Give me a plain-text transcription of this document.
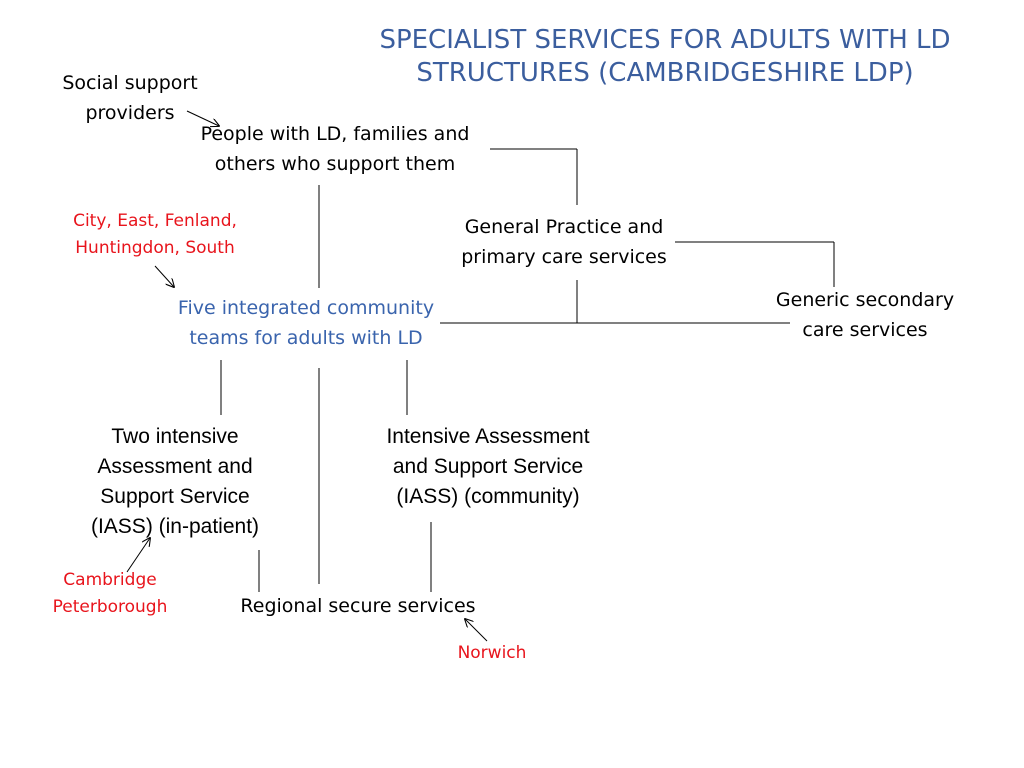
SPECIALIST SERVICES FOR ADULTS WITH LD
STRUCTURES (CAMBRIDGESHIRE LDP)
Social support
providers
People with LD, families and
others who support them
General Practice and
primary care services
Generic secondary
care services
City, East, Fenland,
Huntingdon, South
Five integrated community
teams for adults with LD
Two intensive
Assessment and
Support Service
(IASS) (in-patient)
Intensive Assessment
and Support Service
(IASS) (community)
Cambridge
Peterborough	Regional secure services
Norwich
